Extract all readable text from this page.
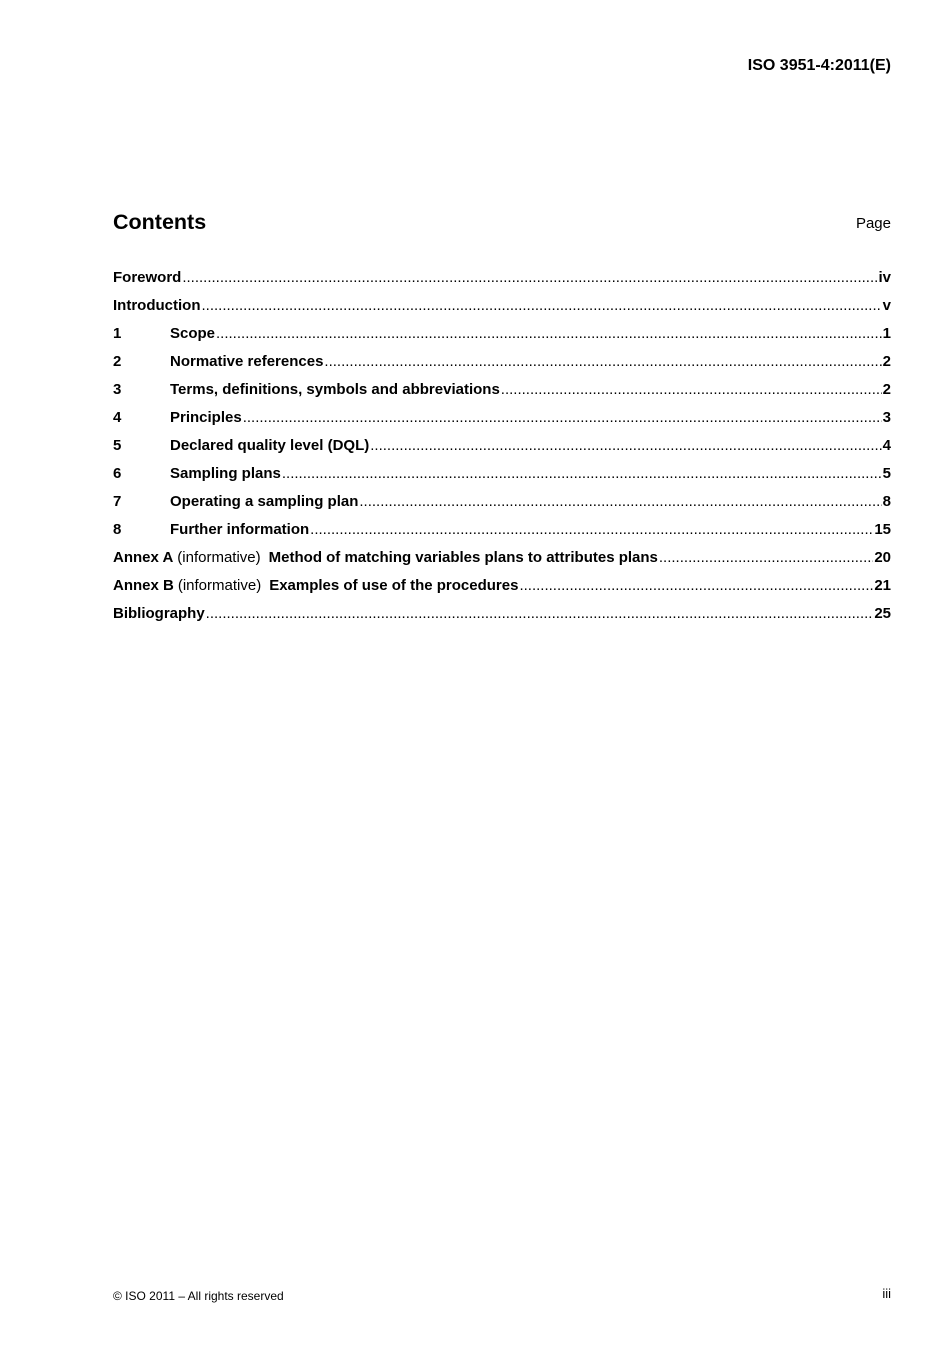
ISO 3951-4:2011(E)
Contents	Page
Foreword .....	iv
Introduction .....	v
1	Scope .....	1
2	Normative references .....	2
3	Terms, definitions, symbols and abbreviations .....	2
4	Principles .....	3
5	Declared quality level (DQL) .....	4
6	Sampling plans .....	5
7	Operating a sampling plan .....	8
8	Further information .....	15
Annex A (informative) Method of matching variables plans to attributes plans .....	20
Annex B (informative) Examples of use of the procedures .....	21
Bibliography .....	25
© ISO 2011 – All rights reserved	iii
